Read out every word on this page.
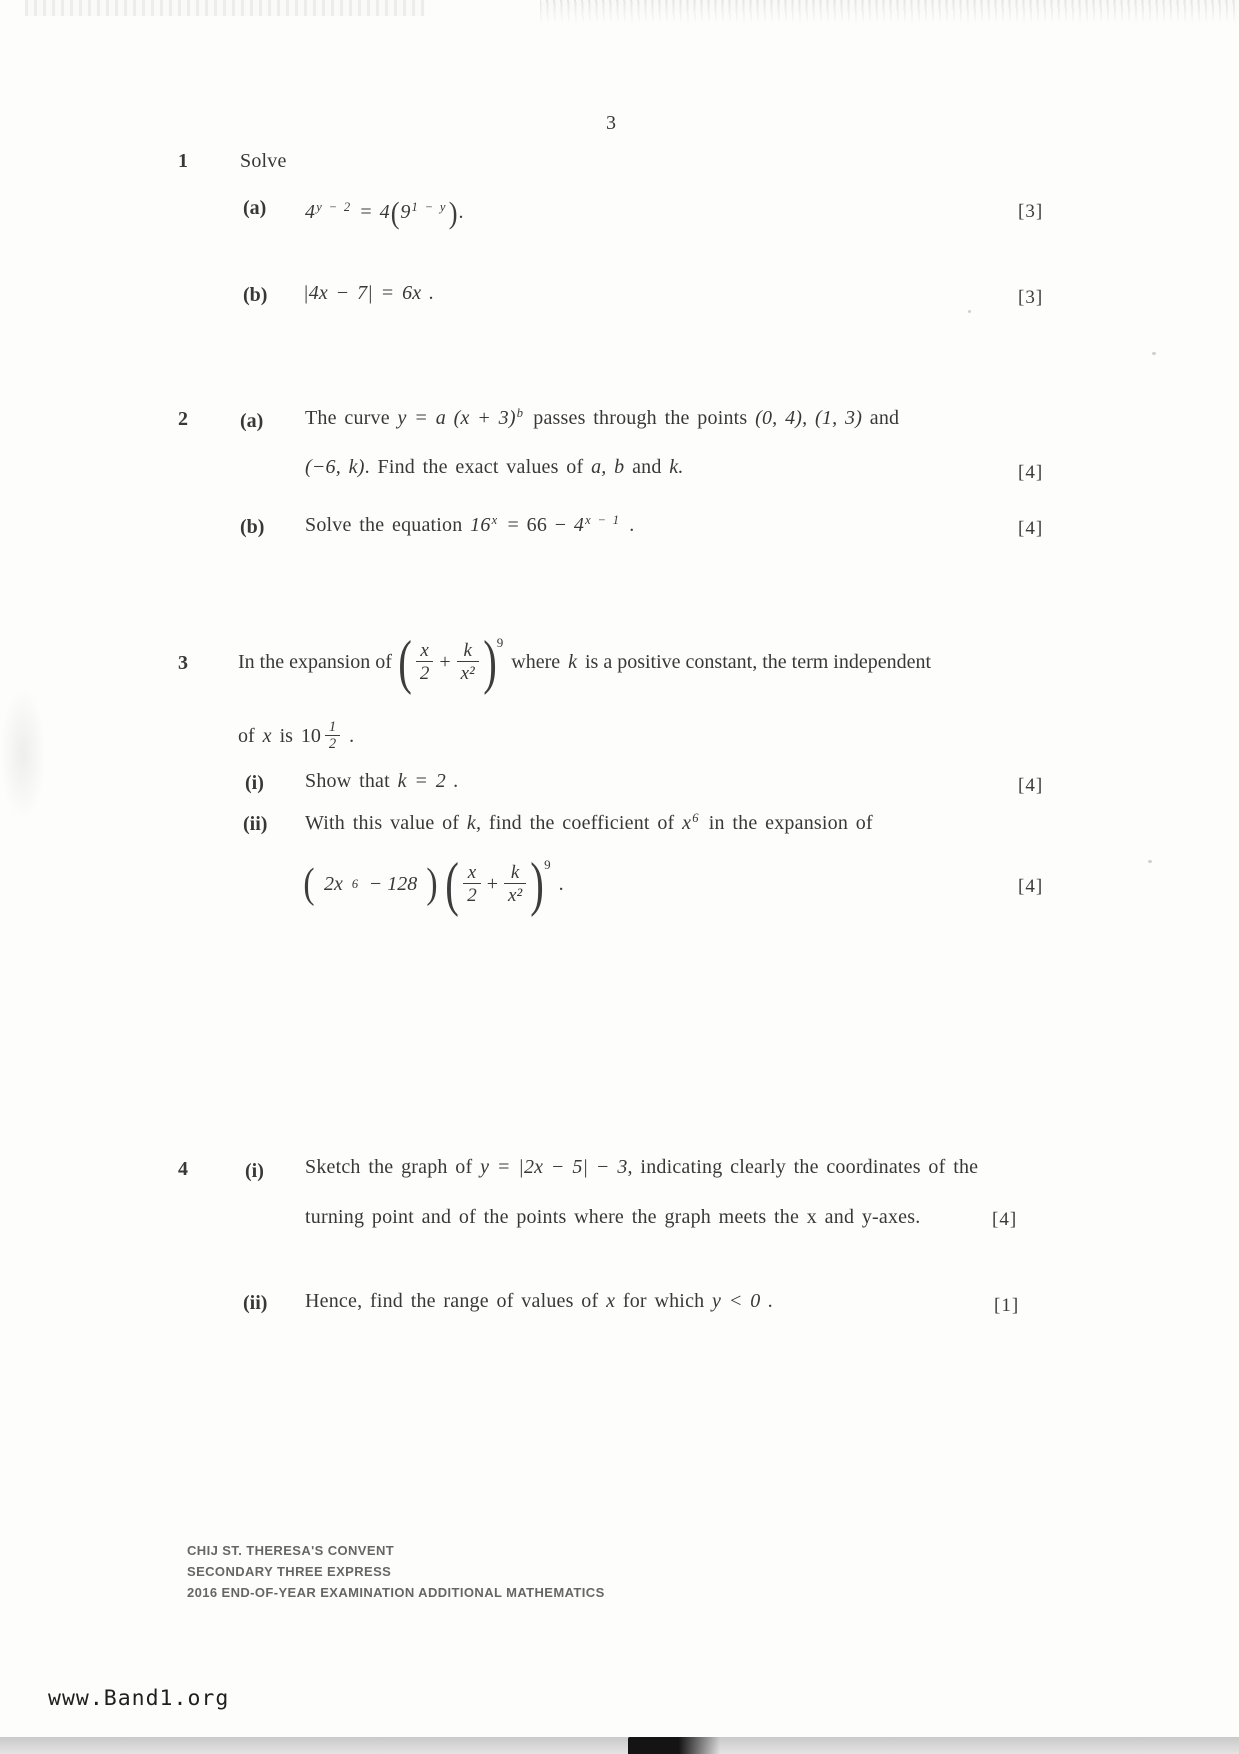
3
1	Solve
(a) $4^{y - 2} = 4(9^{1 - y})$.	[3]
(b) |4x − 7| = 6x .	[3]
2	(a) The curve y = a $(x + 3)^b$ passes through the points (0, 4), (1, 3) and
(−6, k). Find the exact values of a, b and k.	[4]
(b) Solve the equation $16^x = 66 - 4^{x - 1}$ .	[4]
3	In the expansion of ( $\frac{x}{2} + \frac{k}{\text{x²}} )^9$
where k is a positive constant, the term independent
of x is $10 \frac{1}{2}$ .
(i) Show that k = 2 .	[4]
(ii) With this value of k, find the coefficient of $x^6$ in the expansion of
( 2x 6 − 128 ) ( $\frac{x}{2} + \frac{k}{\text{x²}} )^9$
.	[4]
4	(i) Sketch the graph of y = |2x − 5| − 3, indicating clearly the coordinates of the
turning point and of the points where the graph meets the x and y-axes.	[4]
(ii) Hence, find the range of values of x for which y < 0 .	[1]
CHIJ ST. THERESA'S CONVENT
SECONDARY THREE EXPRESS
2016 END-OF-YEAR EXAMINATION ADDITIONAL MATHEMATICS
www.Band1.org
